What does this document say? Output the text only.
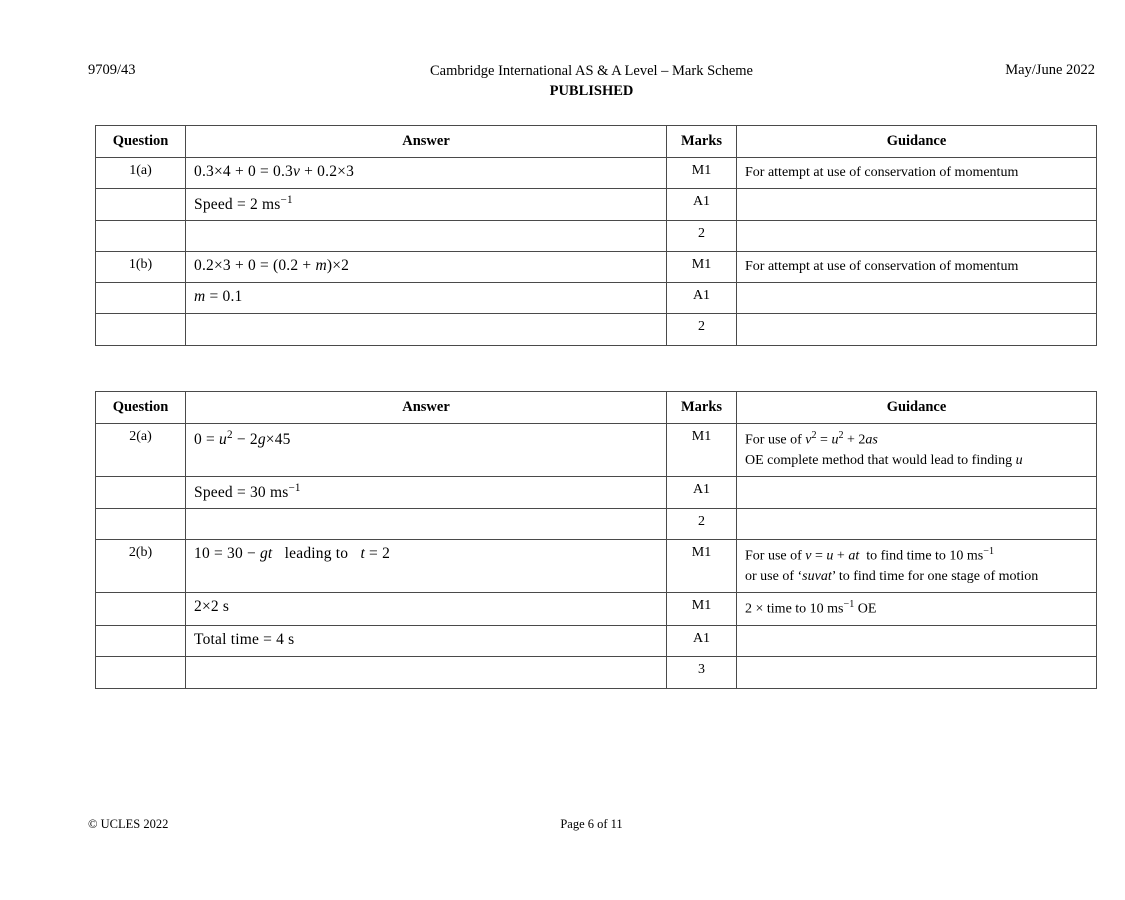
9709/43	Cambridge International AS & A Level – Mark Scheme
PUBLISHED
May/June 2022
Question	Answer	Marks	Guidance
1(a)	0.3×4 + 0 = 0.3v + 0.2×3	M1	For attempt at use of conservation of momentum
	Speed = 2 $ms^{-1}$	A1	
		2	
1(b)	0.2×3 + 0 = (0.2 + m)×2	M1	For attempt at use of conservation of momentum
	m = 0.1	A1	
		2	
Question	Answer	Marks	Guidance
2(a)	$0 = u^2 - 2g\times 45$	M1	For use of $v^2 = u^2 + 2as$
OE complete method that would lead to finding u
	Speed = 30 $ms^{-1}$	A1	
		2	
2(b)	10 = 30 − gt   leading to   t = 2	M1	For use of v = u + at  to find time to 10 $ms^{-1}$
or use of ‘suvat’ to find time for one stage of motion
	2×2 s	M1	2 × time to 10 $ms^{-1}$ OE
	Total time = 4 s	A1	
		3	
© UCLES 2022	Page 6 of 11
